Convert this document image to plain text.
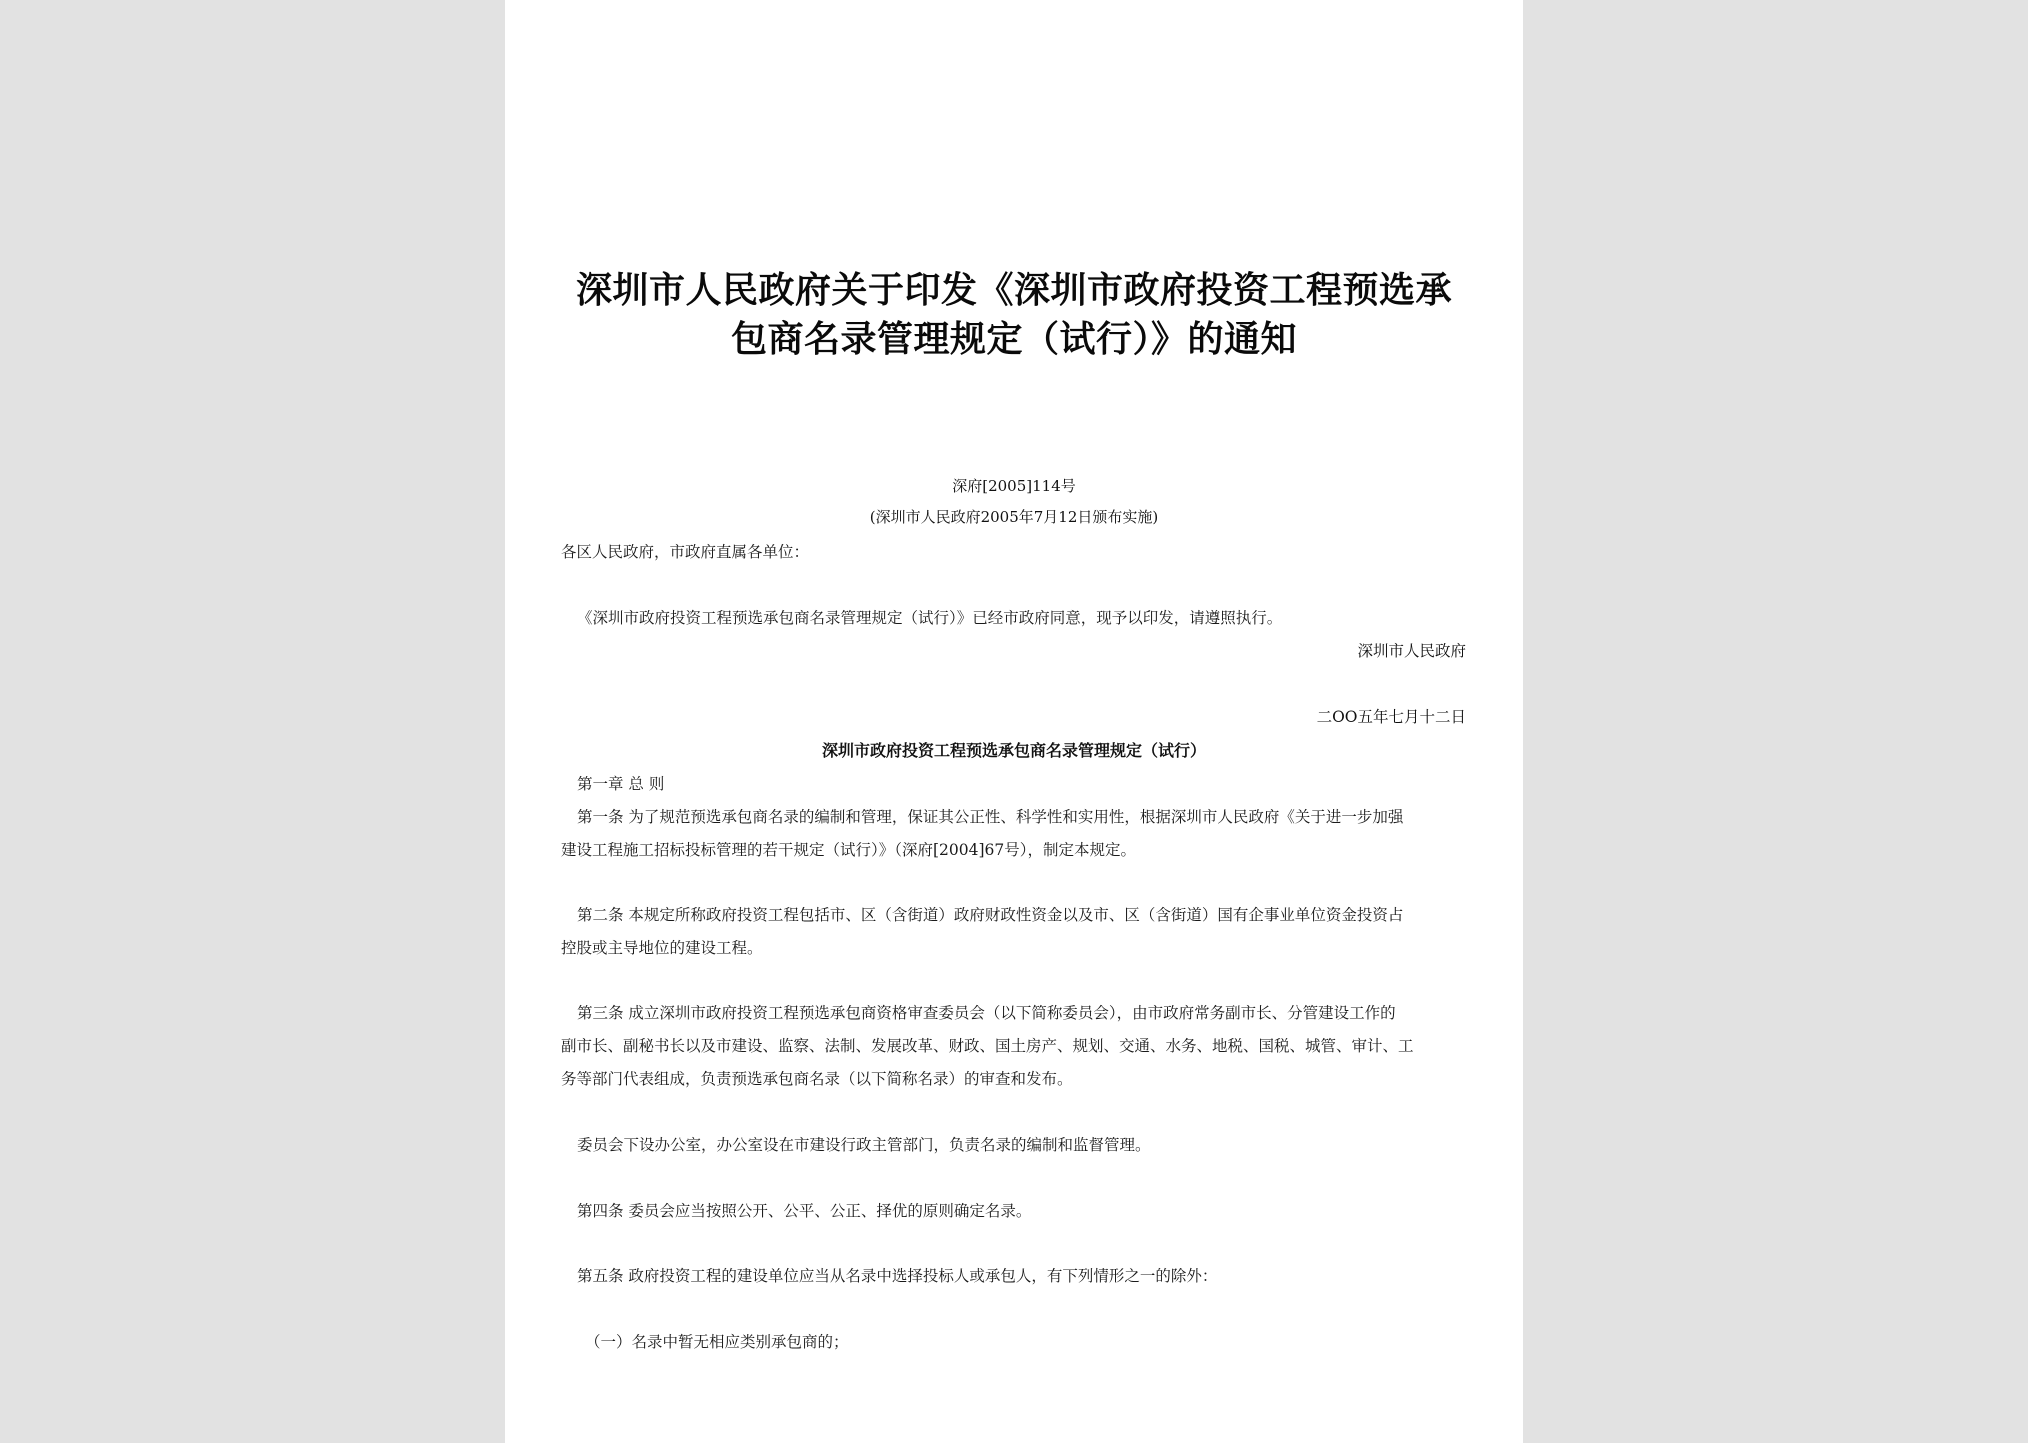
深圳市人民政府关于印发《深圳市政府投资工程预选承
包商名录管理规定（试行）》的通知
深府[2005]114号
(深圳市人民政府2005年7月12日颁布实施)
各区人民政府，市政府直属各单位：
《深圳市政府投资工程预选承包商名录管理规定（试行）》已经市政府同意，现予以印发，请遵照执行。
深圳市人民政府
二OO五年七月十二日
深圳市政府投资工程预选承包商名录管理规定（试行）
第一章 总 则
第一条 为了规范预选承包商名录的编制和管理，保证其公正性、科学性和实用性，根据深圳市人民政府《关于进一步加强
建设工程施工招标投标管理的若干规定（试行）》（深府[2004]67号），制定本规定。
第二条 本规定所称政府投资工程包括市、区（含街道）政府财政性资金以及市、区（含街道）国有企事业单位资金投资占
控股或主导地位的建设工程。
第三条 成立深圳市政府投资工程预选承包商资格审查委员会（以下简称委员会），由市政府常务副市长、分管建设工作的
副市长、副秘书长以及市建设、监察、法制、发展改革、财政、国土房产、规划、交通、水务、地税、国税、城管、审计、工
务等部门代表组成，负责预选承包商名录（以下简称名录）的审查和发布。
委员会下设办公室，办公室设在市建设行政主管部门，负责名录的编制和监督管理。
第四条 委员会应当按照公开、公平、公正、择优的原则确定名录。
第五条 政府投资工程的建设单位应当从名录中选择投标人或承包人，有下列情形之一的除外：
（一）名录中暂无相应类别承包商的；
